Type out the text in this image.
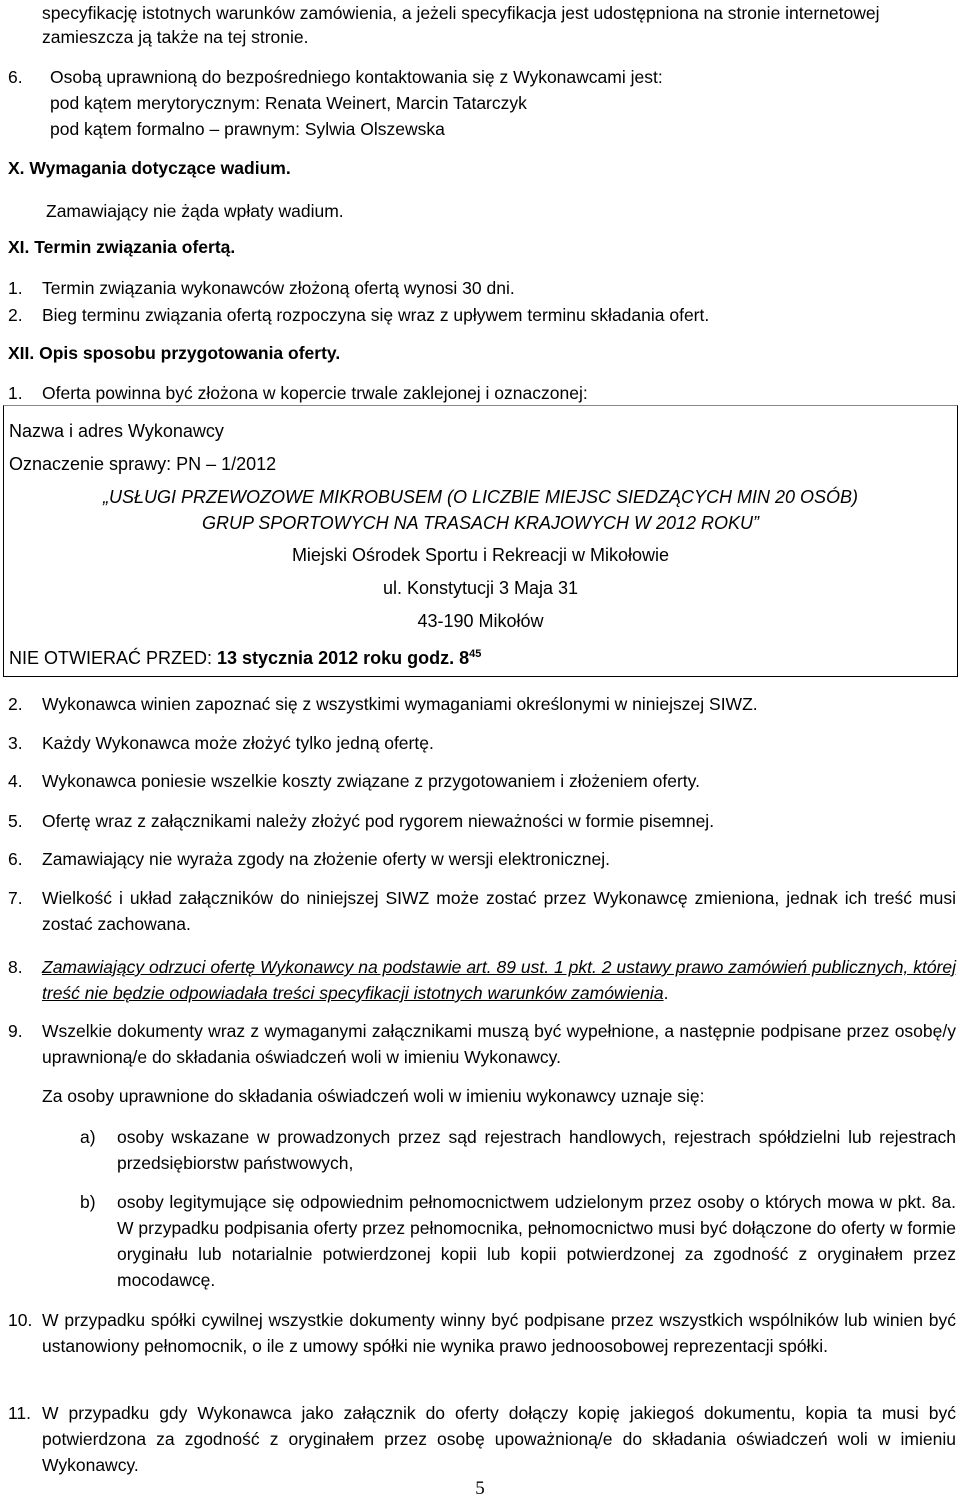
specyfikację istotnych warunków zamówienia, a jeżeli specyfikacja jest udostępniona na stronie internetowej
zamieszcza ją także na tej stronie.
6. Osobą uprawnioną do bezpośredniego kontaktowania się z Wykonawcami jest:
pod kątem merytorycznym: Renata Weinert, Marcin Tatarczyk
pod kątem formalno – prawnym: Sylwia Olszewska
X. Wymagania dotyczące wadium.
Zamawiający nie żąda wpłaty wadium.
XI. Termin związania ofertą.
1. Termin związania wykonawców złożoną ofertą wynosi 30 dni.
2. Bieg terminu związania ofertą rozpoczyna się wraz z upływem terminu składania ofert.
XII. Opis sposobu przygotowania oferty.
1. Oferta powinna być złożona w kopercie trwale zaklejonej i oznaczonej:
Nazwa i adres Wykonawcy
Oznaczenie sprawy: PN – 1/2012
„USŁUGI PRZEWOZOWE MIKROBUSEM (O LICZBIE MIEJSC SIEDZĄCYCH MIN 20 OSÓB)
GRUP SPORTOWYCH NA TRASACH KRAJOWYCH W 2012 ROKU”
Miejski Ośrodek Sportu i Rekreacji w Mikołowie
ul. Konstytucji 3 Maja 31
43-190 Mikołów
NIE OTWIERAĆ PRZED: 13 stycznia 2012 roku godz. $8^{45}$
2. Wykonawca winien zapoznać się z wszystkimi wymaganiami określonymi w niniejszej SIWZ.
3. Każdy Wykonawca może złożyć tylko jedną ofertę.
4. Wykonawca poniesie wszelkie koszty związane z przygotowaniem i złożeniem oferty.
5. Ofertę wraz z załącznikami należy złożyć pod rygorem nieważności w formie pisemnej.
6. Zamawiający nie wyraża zgody na złożenie oferty w wersji elektronicznej.
7. Wielkość i układ załączników do niniejszej SIWZ może zostać przez Wykonawcę zmieniona, jednak ich treść musi zostać zachowana.
8. Zamawiający odrzuci ofertę Wykonawcy na podstawie art. 89 ust. 1 pkt. 2 ustawy prawo zamówień publicznych, której treść nie będzie odpowiadała treści specyfikacji istotnych warunków zamówienia.
9. Wszelkie dokumenty wraz z wymaganymi załącznikami muszą być wypełnione, a następnie podpisane przez osobę/y uprawnioną/e do składania oświadczeń woli w imieniu Wykonawcy.
Za osoby uprawnione do składania oświadczeń woli w imieniu wykonawcy uznaje się:
a) osoby wskazane w prowadzonych przez sąd rejestrach handlowych, rejestrach spółdzielni lub rejestrach przedsiębiorstw państwowych,
b) osoby legitymujące się odpowiednim pełnomocnictwem udzielonym przez osoby o których mowa w pkt. 8a. W przypadku podpisania oferty przez pełnomocnika, pełnomocnictwo musi być dołączone do oferty w formie oryginału lub notarialnie potwierdzonej kopii lub kopii potwierdzonej za zgodność z oryginałem przez mocodawcę.
10. W przypadku spółki cywilnej wszystkie dokumenty winny być podpisane przez wszystkich wspólników lub winien być ustanowiony pełnomocnik, o ile z umowy spółki nie wynika prawo jednoosobowej reprezentacji spółki.
11. W przypadku gdy Wykonawca jako załącznik do oferty dołączy kopię jakiegoś dokumentu, kopia ta musi być potwierdzona za zgodność z oryginałem przez osobę upoważnioną/e do składania oświadczeń woli w imieniu Wykonawcy.
5
